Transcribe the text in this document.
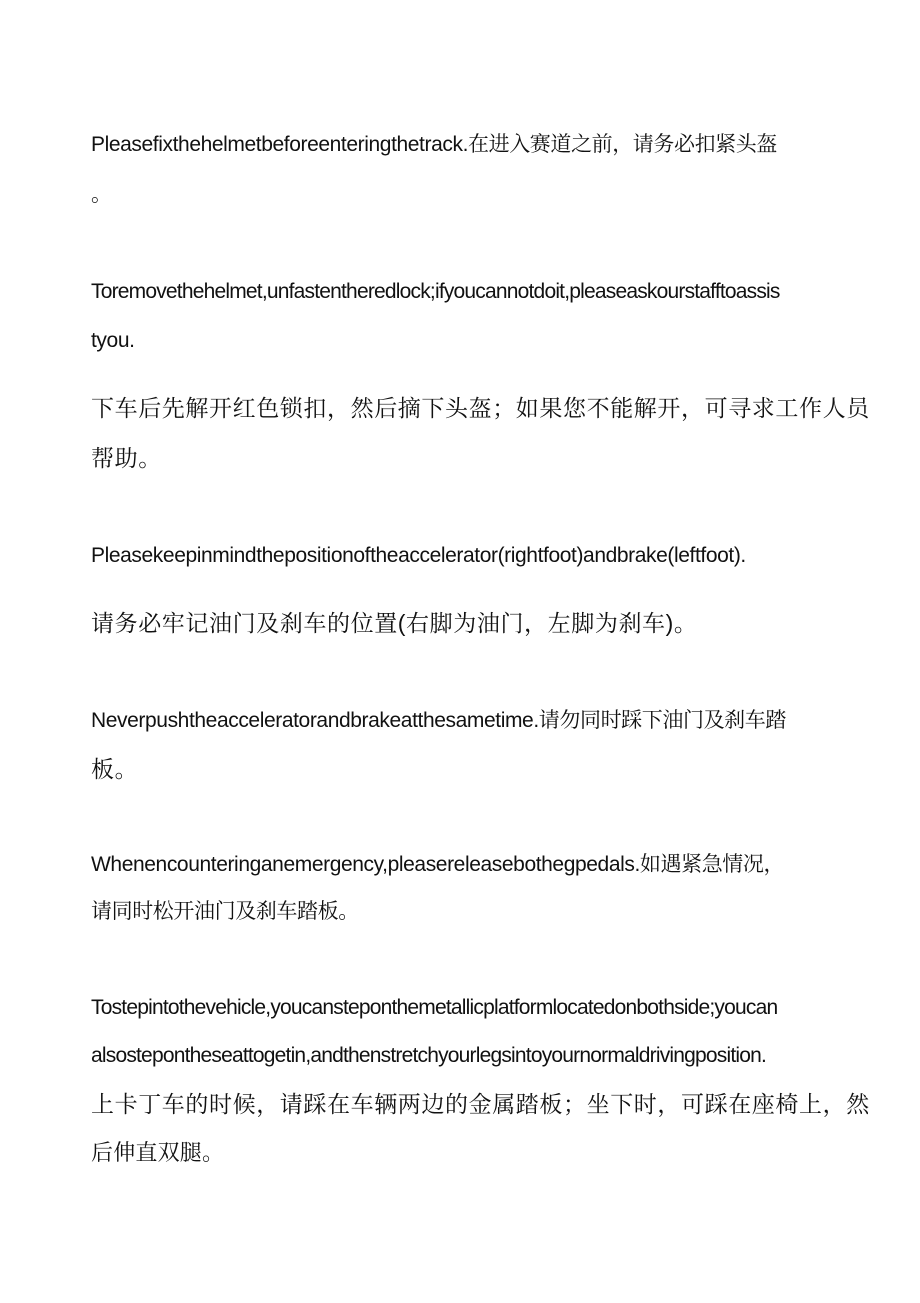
Pleasefixthehelmetbeforeenteringthetrack.在进入赛道之前，请务必扣紧头盔

。

Toremovethehelmet,unfastentheredlock;ifyoucannotdoit,pleaseaskourstafftoassis

tyou.

下车后先解开红色锁扣，然后摘下头盔；如果您不能解开，可寻求工作人员

帮助。

Pleasekeepinmindthepositionoftheaccelerator(rightfoot)andbrake(leftfoot).

请务必牢记油门及刹车的位置(右脚为油门，左脚为刹车)。

Neverpushtheacceleratorandbrakeatthesametime.请勿同时踩下油门及刹车踏

板。

Whenencounteringanemergency,pleasereleasebothegpedals.如遇紧急情况，

请同时松开油门及刹车踏板。

Tostepintothevehicle,youcansteponthemetallicplatformlocatedonbothside;youcan

alsostepontheseattogetin,andthenstretchyourlegsintoyournormaldrivingposition.

上卡丁车的时候，请踩在车辆两边的金属踏板；坐下时，可踩在座椅上，然

后伸直双腿。
